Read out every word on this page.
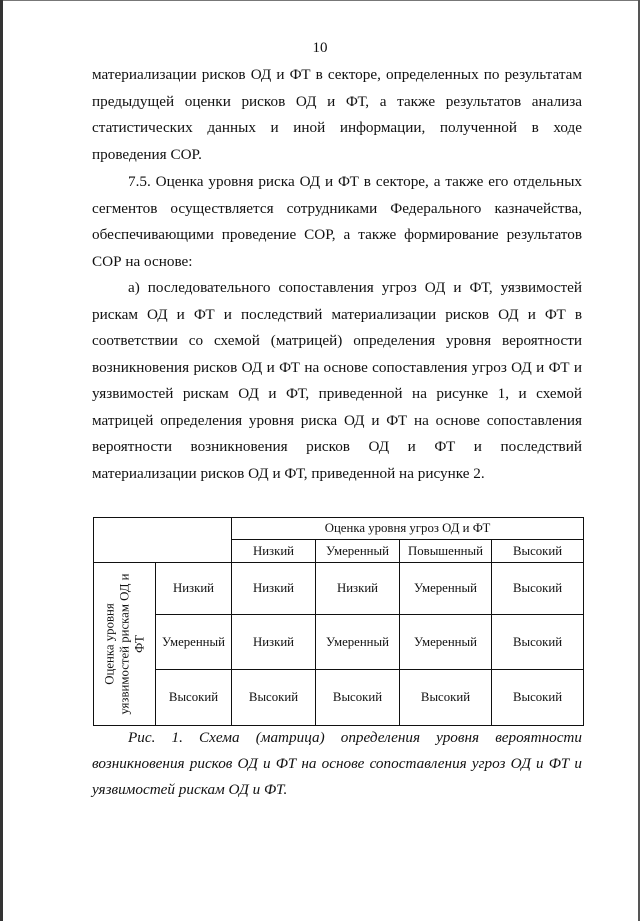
10

материализации рисков ОД и ФТ в секторе, определенных по результатам предыдущей оценки рисков ОД и ФТ, а также результатов анализа статистических данных и иной информации, полученной в ходе проведения СОР.

7.5. Оценка уровня риска ОД и ФТ в секторе, а также его отдельных сегментов осуществляется сотрудниками Федерального казначейства, обеспечивающими проведение СОР, а также формирование результатов СОР на основе:

а) последовательного сопоставления угроз ОД и ФТ, уязвимостей рискам ОД и ФТ и последствий материализации рисков ОД и ФТ в соответствии со схемой (матрицей) определения уровня вероятности возникновения рисков ОД и ФТ на основе сопоставления угроз ОД и ФТ и уязвимостей рискам ОД и ФТ, приведенной на рисунке 1, и схемой матрицей определения уровня риска ОД и ФТ на основе сопоставления вероятности возникновения рисков ОД и ФТ и последствий материализации рисков ОД и ФТ, приведенной на рисунке 2.

		Оценка уровня угроз ОД и ФТ			
		Низкий	Умеренный	Повышенный	Высокий

Оценка уровня уязвимостей рискам ОД и ФТ	Низкий	Низкий	Низкий	Умеренный	Высокий
	Умеренный	Низкий	Умеренный	Умеренный	Высокий
	Высокий	Высокий	Высокий	Высокий	Высокий

Рис. 1. Схема (матрица) определения уровня вероятности возникновения рисков ОД и ФТ на основе сопоставления угроз ОД и ФТ и уязвимостей рискам ОД и ФТ.
